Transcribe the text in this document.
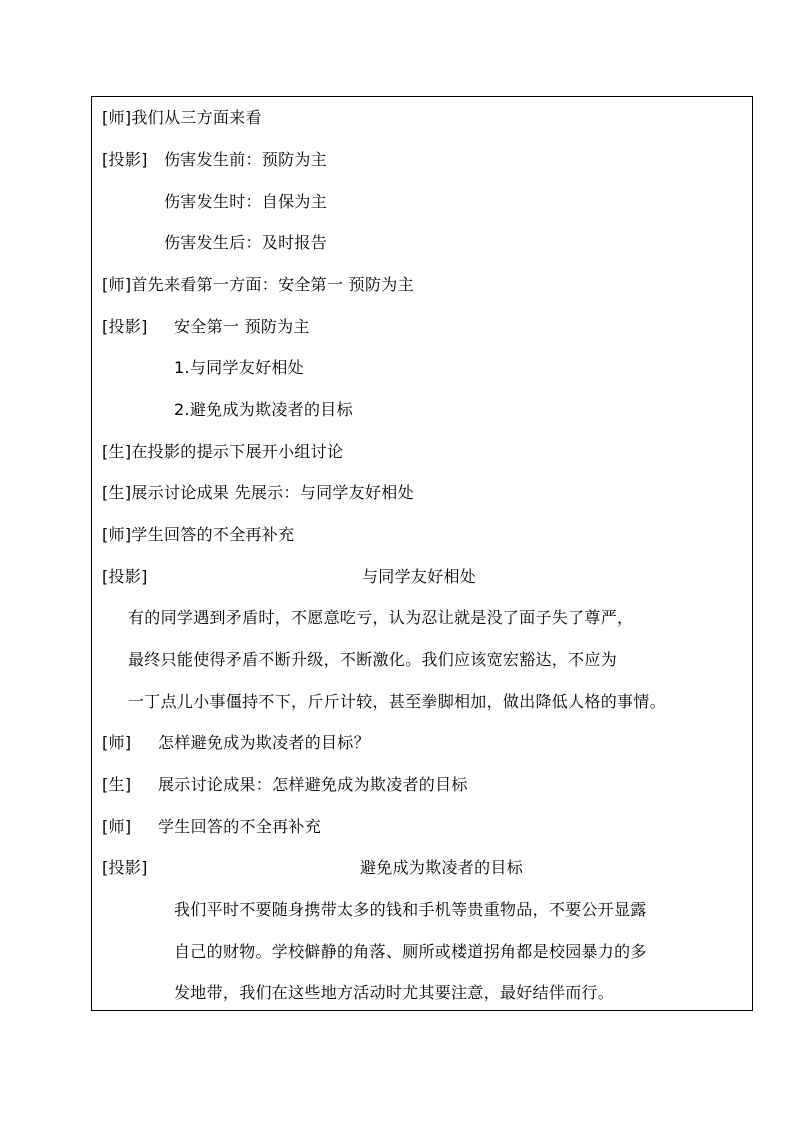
[师]我们从三方面来看
[投影] 伤害发生前：预防为主
伤害发生时：自保为主
伤害发生后：及时报告
[师]首先来看第一方面：安全第一 预防为主
[投影] 安全第一 预防为主
1.与同学友好相处
2.避免成为欺凌者的目标
[生]在投影的提示下展开小组讨论
[生]展示讨论成果 先展示：与同学友好相处
[师]学生回答的不全再补充
[投影]	与同学友好相处
有的同学遇到矛盾时，不愿意吃亏，认为忍让就是没了面子失了尊严，
最终只能使得矛盾不断升级，不断激化。我们应该宽宏豁达，不应为
一丁点儿小事僵持不下，斤斤计较，甚至拳脚相加，做出降低人格的事情。
[师] 怎样避免成为欺凌者的目标？
[生] 展示讨论成果：怎样避免成为欺凌者的目标
[师] 学生回答的不全再补充
[投影]	避免成为欺凌者的目标
我们平时不要随身携带太多的钱和手机等贵重物品，不要公开显露
自己的财物。学校僻静的角落、厕所或楼道拐角都是校园暴力的多
发地带，我们在这些地方活动时尤其要注意，最好结伴而行。
